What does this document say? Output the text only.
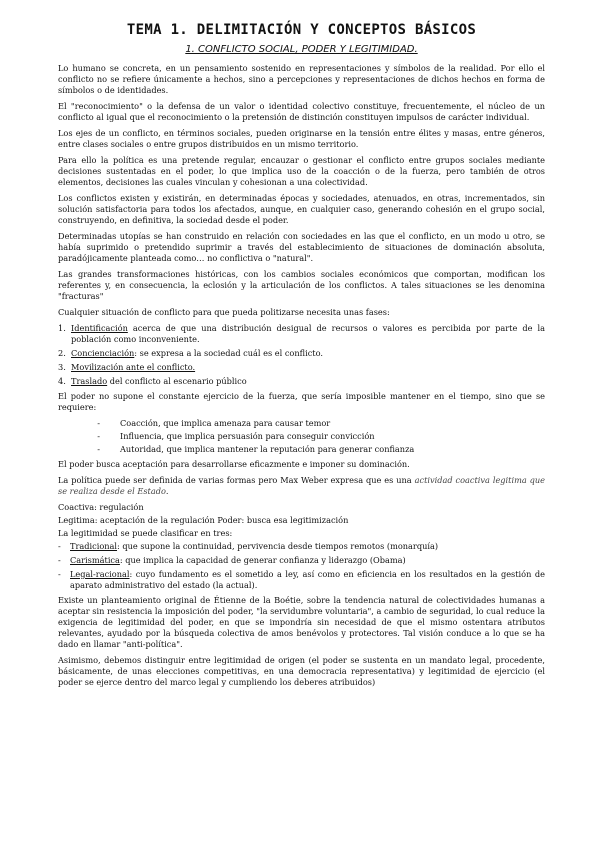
TEMA 1. DELIMITACIÓN Y CONCEPTOS BÁSICOS
1. CONFLICTO SOCIAL, PODER Y LEGITIMIDAD.

Lo humano se concreta, en un pensamiento sostenido en representaciones y símbolos de la realidad. Por ello el conflicto no se refiere únicamente a hechos, sino a percepciones y representaciones de dichos hechos en forma de símbolos o de identidades.

El "reconocimiento" o la defensa de un valor o identidad colectivo constituye, frecuentemente, el núcleo de un conflicto al igual que el reconocimiento o la pretensión de distinción constituyen impulsos de carácter individual.

Los ejes de un conflicto, en términos sociales, pueden originarse en la tensión entre élites y masas, entre géneros, entre clases sociales o entre grupos distribuidos en un mismo territorio.

Para ello la política es una pretende regular, encauzar o gestionar el conflicto entre grupos sociales mediante decisiones sustentadas en el poder, lo que implica uso de la coacción o de la fuerza, pero también de otros elementos, decisiones las cuales vinculan y cohesionan a una colectividad.

Los conflictos existen y existirán, en determinadas épocas y sociedades, atenuados, en otras, incrementados, sin solución satisfactoria para todos los afectados, aunque, en cualquier caso, generando cohesión en el grupo social, construyendo, en definitiva, la sociedad desde el poder.

Determinadas utopías se han construido en relación con sociedades en las que el conflicto, en un modo u otro, se había suprimido o pretendido suprimir a través del establecimiento de situaciones de dominación absoluta, paradójicamente planteada como… no conflictiva o "natural".

Las grandes transformaciones históricas, con los cambios sociales económicos que comportan, modifican los referentes y, en consecuencia, la eclosión y la articulación de los conflictos. A tales situaciones se les denomina "fracturas"

Cualquier situación de conflicto para que pueda politizarse necesita unas fases:

1. Identificación acerca de que una distribución desigual de recursos o valores es percibida por parte de la población como inconveniente.
2. Concienciación: se expresa a la sociedad cuál es el conflicto.
3. Movilización ante el conflicto.
4. Traslado del conflicto al escenario público

El poder no supone el constante ejercicio de la fuerza, que sería imposible mantener en el tiempo, sino que se requiere:

-	Coacción, que implica amenaza para causar temor
-	Influencia, que implica persuasión para conseguir convicción
-	Autoridad, que implica mantener la reputación para generar confianza

El poder busca aceptación para desarrollarse eficazmente e imponer su dominación.

La política puede ser definida de varias formas pero Max Weber expresa que es una actividad coactiva legitima que se realiza desde el Estado.

Coactiva: regulación

Legitima: aceptación de la regulación Poder: busca esa legitimización

La legitimidad se puede clasificar en tres:

-	Tradicional: que supone la continuidad, pervivencia desde tiempos remotos (monarquía)
-	Carismática: que implica la capacidad de generar confianza y liderazgo (Obama)
-	Legal-racional: cuyo fundamento es el sometido a ley, así como en eficiencia en los resultados en la gestión de aparato administrativo del estado (la actual).

Existe un planteamiento original de Étienne de la Boétie, sobre la tendencia natural de colectividades humanas a aceptar sin resistencia la imposición del poder, "la servidumbre voluntaria", a cambio de seguridad, lo cual reduce la exigencia de legitimidad del poder, en que se impondría sin necesidad de que el mismo ostentara atributos relevantes, ayudado por la búsqueda colectiva de amos benévolos y protectores. Tal visión conduce a lo que se ha dado en llamar "anti-política".

Asimismo, debemos distinguir entre legitimidad de origen (el poder se sustenta en un mandato legal, procedente, básicamente, de unas elecciones competitivas, en una democracia representativa) y legitimidad de ejercicio (el poder se ejerce dentro del marco legal y cumpliendo los deberes atribuidos)
